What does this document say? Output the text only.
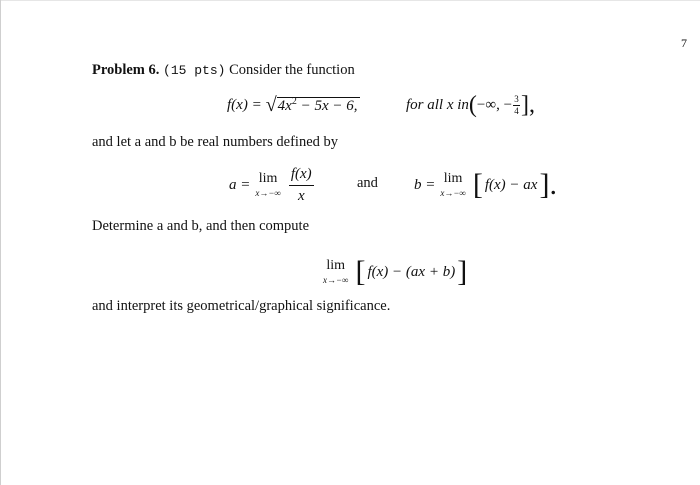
7
Problem 6. (15 pts) Consider the function
f(x) = √ $4x^2 - 5x - 6$,	for all x in ( −∞, − $\frac{3}{4}$ ],
and let a and b be real numbers defined by
a = lim
$x\to-\infty \frac{f(x)}{x}$	and b = lim
x→−∞ [ f(x) − ax ].
Determine a and b, and then compute
lim
x→−∞ [ f(x) − (ax + b) ]
and interpret its geometrical/graphical significance.
